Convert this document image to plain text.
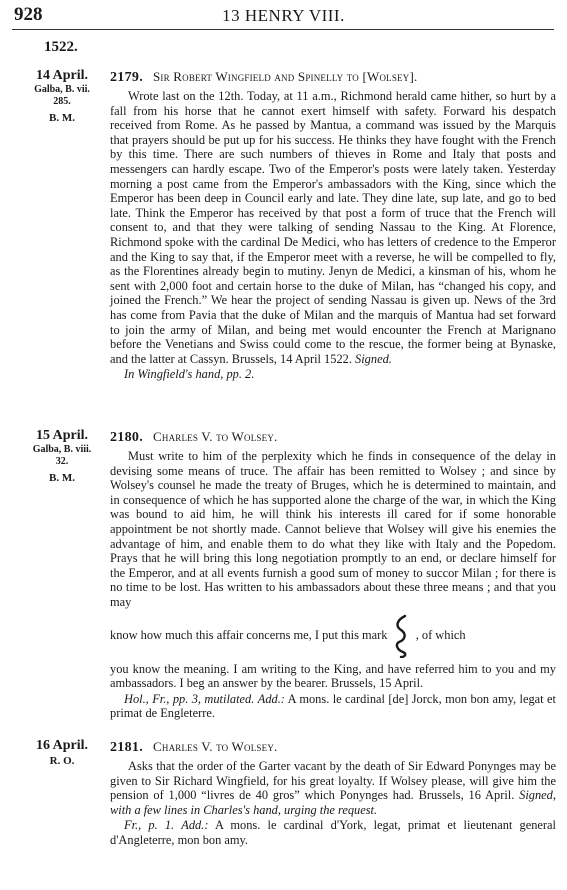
928	13 HENRY VIII.
1522.
14 April.
Galba, B. vii.
285.
B. M.
2179. Sir Robert Wingfield and Spinelly to [Wolsey].

Wrote last on the 12th. Today, at 11 a.m., Richmond herald came hither, so hurt by a fall from his horse that he cannot exert himself with safety. Forward his despatch received from Rome. As he passed by Mantua, a command was issued by the Marquis that prayers should be put up for his success. He thinks they have fought with the French by this time. There are such numbers of thieves in Rome and Italy that posts and messengers can hardly escape. Two of the Emperor's posts were lately taken. Yesterday morning a post came from the Emperor's ambassadors with the King, since which the Emperor has been deep in Council early and late. They dine late, sup late, and go to bed late. Think the Emperor has received by that post a form of truce that the French will consent to, and that they were talking of sending Nassau to the King. At Florence, Richmond spoke with the cardinal De Medici, who has letters of credence to the Emperor and the King to say that, if the Emperor meet with a reverse, he will be compelled to fly, as the Florentines already begin to mutiny. Jenyn de Medici, a kinsman of his, whom he sent with 2,000 foot and certain horse to the duke of Milan, has “changed his copy, and joined the French.” We hear the project of sending Nassau is given up. News of the 3rd has come from Pavia that the duke of Milan and the marquis of Mantua had set forward to join the army of Milan, and being met would encounter the French at Marignano before the Venetians and Swiss could come to the rescue, the former being at Bynaske, and the latter at Cassyn. Brussels, 14 April 1522. Signed.

In Wingfield's hand, pp. 2.

15 April.
Galba, B. viii.
32.
B. M.
2180. Charles V. to Wolsey.

Must write to him of the perplexity which he finds in consequence of the delay in devising some means of truce. The affair has been remitted to Wolsey ; and since by Wolsey's counsel he made the treaty of Bruges, which he is determined to maintain, and in consequence of which he has supported alone the charge of the war, in which the King was bound to aid him, he will think his interests ill cared for if some honorable appointment be not shortly made. Cannot believe that Wolsey will give his enemies the advantage of him, and enable them to do what they like with Italy and the Popedom. Prays that he will bring this long negotiation promptly to an end, or declare himself for the Emperor, and at all events furnish a good sum of money to succor Milan ; for there is no time to be lost. Has written to his ambassadors about these three means ; and that you may

know how much this affair concerns me, I put this mark , of which

you know the meaning. I am writing to the King, and have referred him to you and my ambassadors. I beg an answer by the bearer. Brussels, 15 April.

Hol., Fr., pp. 3, mutilated. Add.: A mons. le cardinal [de] Jorck, mon bon amy, legat et primat de Engleterre.

16 April.
R. O.
2181. Charles V. to Wolsey.

Asks that the order of the Garter vacant by the death of Sir Edward Ponynges may be given to Sir Richard Wingfield, for his great loyalty. If Wolsey please, will give him the pension of 1,000 “livres de 40 gros” which Ponynges had. Brussels, 16 April. Signed, with a few lines in Charles's hand, urging the request.

Fr., p. 1. Add.: A mons. le cardinal d'York, legat, primat et lieutenant general d'Angleterre, mon bon amy.
